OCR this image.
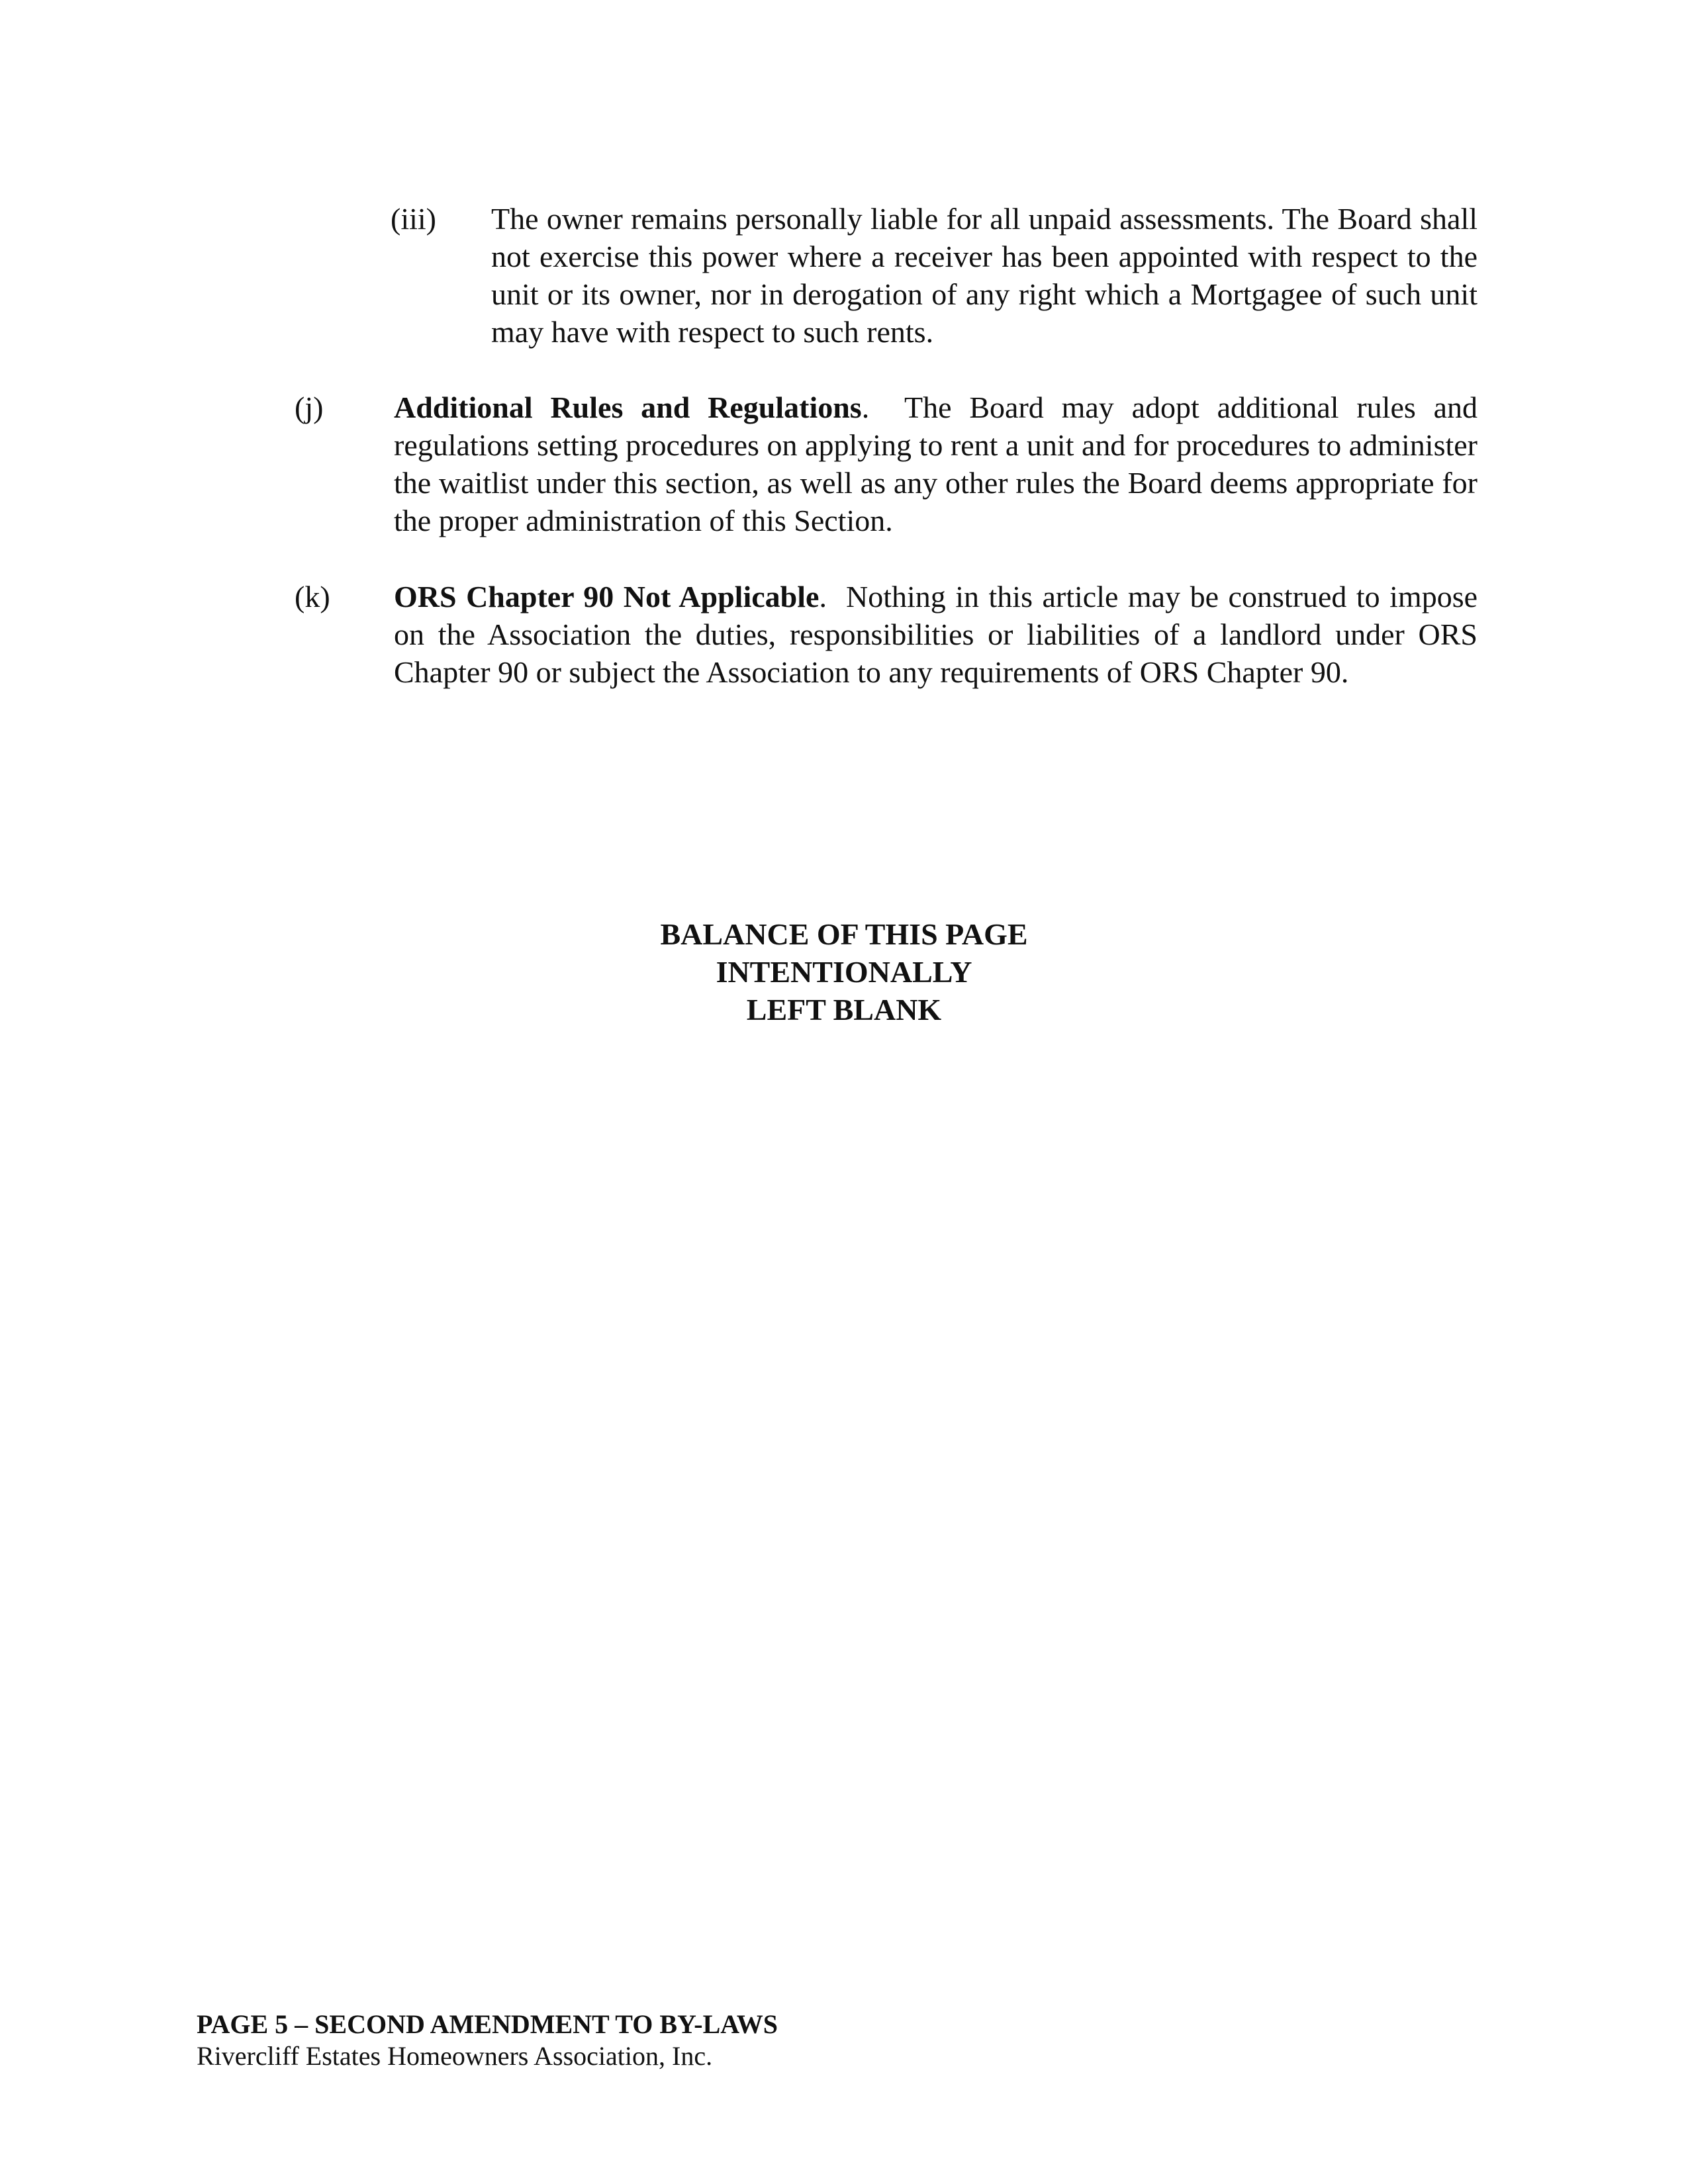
(iii) The owner remains personally liable for all unpaid assessments. The Board shall not exercise this power where a receiver has been appointed with respect to the unit or its owner, nor in derogation of any right which a Mortgagee of such unit may have with respect to such rents.
(j) Additional Rules and Regulations. The Board may adopt additional rules and regulations setting procedures on applying to rent a unit and for procedures to administer the waitlist under this section, as well as any other rules the Board deems appropriate for the proper administration of this Section.
(k) ORS Chapter 90 Not Applicable. Nothing in this article may be construed to impose on the Association the duties, responsibilities or liabilities of a landlord under ORS Chapter 90 or subject the Association to any requirements of ORS Chapter 90.
BALANCE OF THIS PAGE
INTENTIONALLY
LEFT BLANK
PAGE 5 – SECOND AMENDMENT TO BY-LAWS
Rivercliff Estates Homeowners Association, Inc.
